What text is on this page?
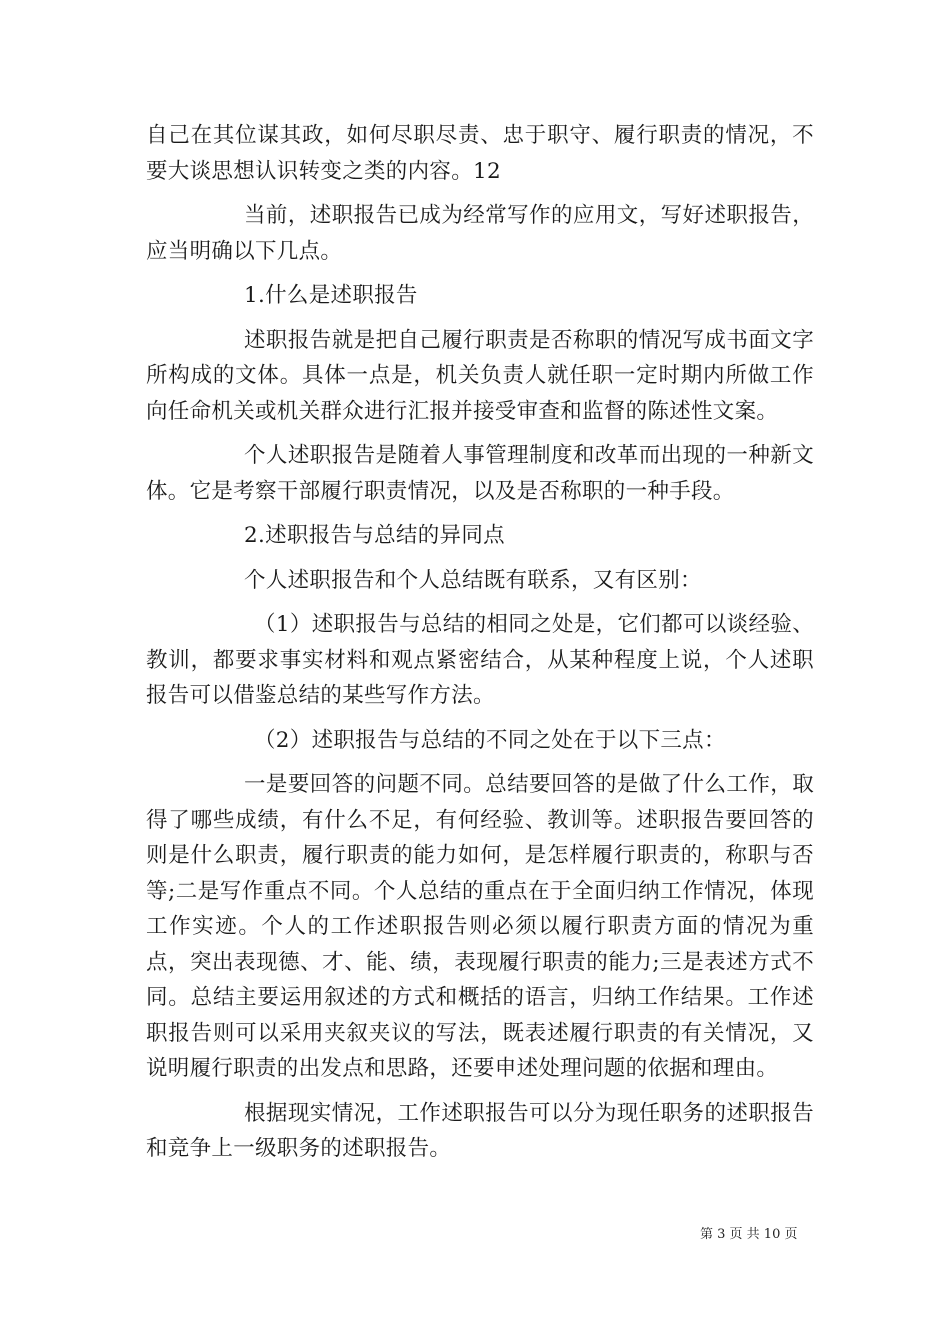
自己在其位谋其政，如何尽职尽责、忠于职守、履行职责的情况，不要大谈思想认识转变之类的内容。12

当前，述职报告已成为经常写作的应用文，写好述职报告，应当明确以下几点。

1.什么是述职报告

述职报告就是把自己履行职责是否称职的情况写成书面文字所构成的文体。具体一点是，机关负责人就任职一定时期内所做工作向任命机关或机关群众进行汇报并接受审查和监督的陈述性文案。

个人述职报告是随着人事管理制度和改革而出现的一种新文体。它是考察干部履行职责情况，以及是否称职的一种手段。

2.述职报告与总结的异同点

个人述职报告和个人总结既有联系，又有区别：

（1）述职报告与总结的相同之处是，它们都可以谈经验、教训，都要求事实材料和观点紧密结合，从某种程度上说，个人述职报告可以借鉴总结的某些写作方法。

（2）述职报告与总结的不同之处在于以下三点：

一是要回答的问题不同。总结要回答的是做了什么工作，取得了哪些成绩，有什么不足，有何经验、教训等。述职报告要回答的则是什么职责，履行职责的能力如何，是怎样履行职责的，称职与否等;二是写作重点不同。个人总结的重点在于全面归纳工作情况，体现工作实迹。个人的工作述职报告则必须以履行职责方面的情况为重点，突出表现德、才、能、绩，表现履行职责的能力;三是表述方式不同。总结主要运用叙述的方式和概括的语言，归纳工作结果。工作述职报告则可以采用夹叙夹议的写法，既表述履行职责的有关情况，又说明履行职责的出发点和思路，还要申述处理问题的依据和理由。

根据现实情况，工作述职报告可以分为现任职务的述职报告和竞争上一级职务的述职报告。

第 3 页 共 10 页
